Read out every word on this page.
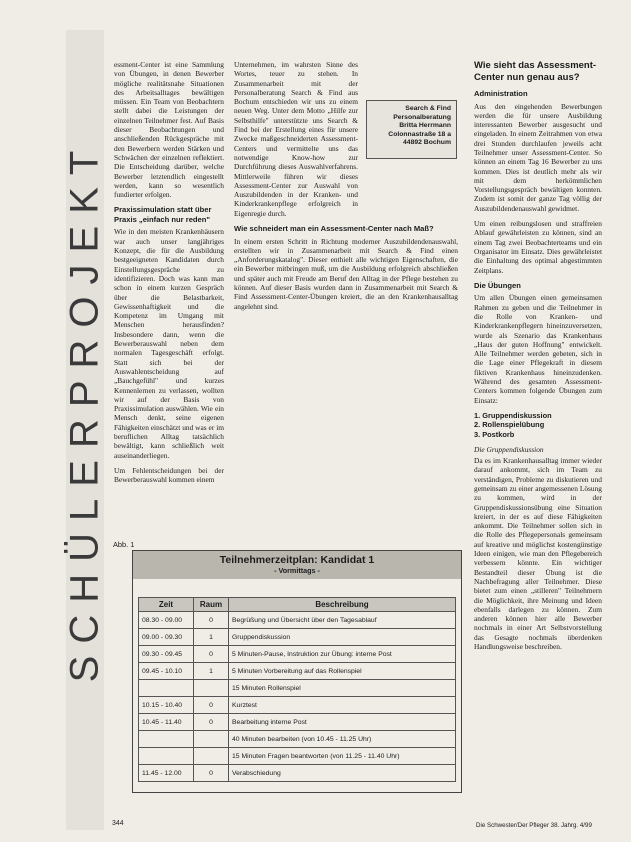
SCHÜLERPROJEKT

essment-Center ist eine Sammlung von Übungen, in denen Bewerber mögliche realitätsnahe Situationen des Arbeitsalltages bewältigen müssen. Ein Team von Beobachtern stellt dabei die Leistungen der einzelnen Teilnehmer fest. Auf Basis dieser Beobachtungen und anschließenden Rückgespräche mit den Bewerbern werden Stärken und Schwächen der einzelnen reflektiert. Die Entscheidung darüber, welche Bewerber letztendlich eingestellt werden, kann so wesentlich fundierter erfolgen.

Praxissimulation statt über Praxis „einfach nur reden"

Wie in den meisten Krankenhäusern war auch unser langjähriges Konzept, die für die Ausbildung bestgeeigneten Kandidaten durch Einstellungsgespräche zu identifizieren. Doch was kann man schon in einem kurzen Gespräch über die Belastbarkeit, Gewissenhaftigkeit und die Kompetenz im Umgang mit Menschen herausfinden? Insbesondere dann, wenn die Bewerberauswahl neben dem normalen Tagesgeschäft erfolgt. Statt sich bei der Auswahlentscheidung auf „Bauchgefühl" und kurzes Kennenlernen zu verlassen, wollten wir auf der Basis von Praxissimulation auswählen. Wie ein Mensch denkt, seine eigenen Fähigkeiten einschätzt und was er im beruflichen Alltag tatsächlich bewältigt, kann schließlich weit auseinanderliegen.

Um Fehlentscheidungen bei der Bewerberauswahl kommen einem

Unternehmen, im wahrsten Sinne des Wortes, teuer zu stehen. In Zusammenarbeit mit der Personalberatung Search & Find aus Bochum entschieden wir uns zu einem neuen Weg. Unter dem Motto „Hilfe zur Selbsthilfe" unterstützte uns Search & Find bei der Erstellung eines für unsere Zwecke maßgeschneiderten Assessment-Centers und vermittelte uns das notwendige Know-how zur Durchführung dieses Auswahlverfahrens. Mittlerweile führen wir dieses Assessment-Center zur Auswahl von Auszubildenden in der Kranken- und Kinderkrankenpflege erfolgreich in Eigenregie durch.

Wie schneidert man ein Assessment-Center nach Maß?

In einem ersten Schritt in Richtung moderner Auszubildendenauswahl, erstellten wir in Zusammenarbeit mit Search & Find einen „Anforderungskatalog". Dieser enthielt alle wichtigen Eigenschaften, die ein Bewerber mitbringen muß, um die Ausbildung erfolgreich abschließen und später auch mit Freude am Beruf den Alltag in der Pflege bestehen zu können. Auf dieser Basis wurden dann in Zusammenarbeit mit Search & Find Assessment-Center-Übungen kreiert, die an den Krankenhausalltag angelehnt sind.

Search & Find
Personalberatung
Britta Herrmann
Colonnastraße 18 a
44892 Bochum
Wie sieht das Assessment-Center nun genau aus?
Administration

Aus den eingehenden Bewerbungen werden die für unsere Ausbildung interessanten Bewerber ausgesucht und eingeladen. In einem Zeitrahmen von etwa drei Stunden durchlaufen jeweils acht Teilnehmer unser Assessment-Center. So können an einem Tag 16 Bewerber zu uns kommen. Dies ist deutlich mehr als wir mit dem herkömmlichen Vorstellungsgespräch bewältigen konnten. Zudem ist somit der ganze Tag völlig der Auszubildendenauswahl gewidmet.

Um einen reibungslosen und straffreien Ablauf gewährleisten zu können, sind an einem Tag zwei Beobachterteams und ein Organisator im Einsatz. Dies gewährleistet die Einhaltung des optimal abgestimmten Zeitplans.

Die Übungen

Um allen Übungen einen gemeinsamen Rahmen zu geben und die Teilnehmer in die Rolle von Kranken- und Kinderkrankenpflegern hineinzuversetzen, wurde als Szenario das Krankenhaus „Haus der guten Hoffnung" entwickelt. Alle Teilnehmer werden gebeten, sich in die Lage einer Pflegekraft in diesem fiktiven Krankenhaus hineinzudenken. Während des gesamten Assessment-Centers kommen folgende Übungen zum Einsatz:

1. Gruppendiskussion
2. Rollenspielübung
3. Postkorb
Die Gruppendiskussion

Da es im Krankenhausalltag immer wieder darauf ankommt, sich im Team zu verständigen, Probleme zu diskutieren und gemeinsam zu einer angemessenen Lösung zu kommen, wird in der Gruppendiskussionsübung eine Situation kreiert, in der es auf diese Fähigkeiten ankommt. Die Teilnehmer sollen sich in die Rolle des Pflegepersonals gemeinsam auf kreative und möglichst kostengünstige Ideen einigen, wie man den Pflegebereich verbessern könnte. Ein wichtiger Bestandteil dieser Übung ist die Nachbefragung aller Teilnehmer. Diese bietet zum einen „stilleren" Teilnehmern die Möglichkeit, ihre Meinung und Ideen ebenfalls darlegen zu können. Zum anderen können hier alle Bewerber nochmals in einer Art Selbstvorstellung das Gesagte nochmals überdenken Handlungsweise beschreiben.

Abb. 1
Teilnehmerzeitplan: Kandidat 1
- Vormittags -
Zeit	Raum	Beschreibung
08.30 - 09.00	0	Begrüßung und Übersicht über den Tagesablauf
09.00 - 09.30	1	Gruppendiskussion
09.30 - 09.45	0	5 Minuten-Pause, Instruktion zur Übung: interne Post
09.45 - 10.10	1	5 Minuten Vorbereitung auf das Rollenspiel
		15 Minuten Rollenspiel
10.15 - 10.40	0	Kurztest
10.45 - 11.40	0	Bearbeitung interne Post
		40 Minuten bearbeiten (von 10.45 - 11.25 Uhr)
		15 Minuten Fragen beantworten (von 11.25 - 11.40 Uhr)
11.45 - 12.00	0	Verabschiedung
344	Die Schwester/Der Pfleger 38. Jahrg. 4/99
